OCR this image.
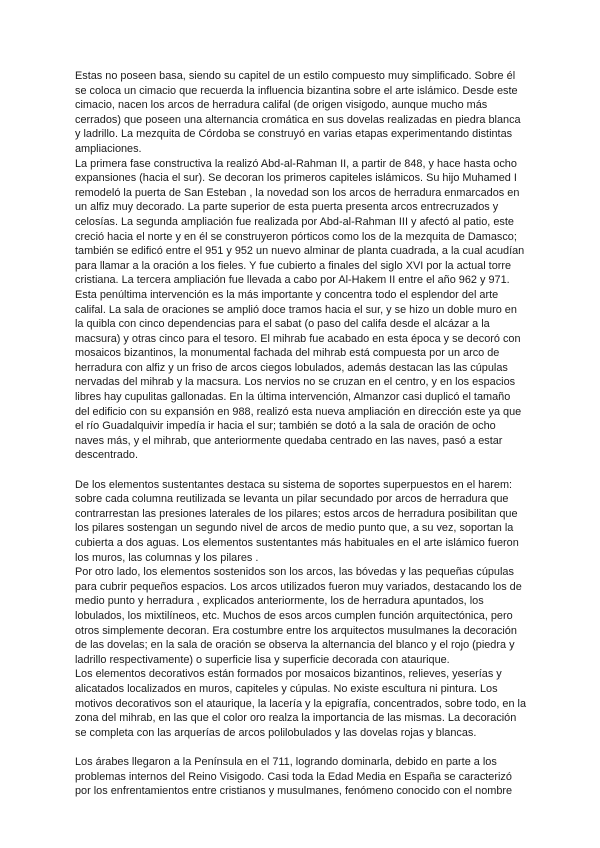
Estas no poseen basa, siendo su capitel de un estilo compuesto muy simplificado. Sobre él se coloca un cimacio que recuerda la influencia bizantina sobre el arte islámico. Desde este cimacio, nacen los arcos de herradura califal (de origen visigodo, aunque mucho más cerrados) que poseen una alternancia cromática en sus dovelas realizadas en piedra blanca y ladrillo. La mezquita de Córdoba se construyó en varias etapas experimentando distintas ampliaciones.

La primera fase constructiva la realizó Abd-al-Rahman II, a partir de 848, y hace hasta ocho expansiones (hacia el sur). Se decoran los primeros capiteles islámicos. Su hijo Muhamed I remodeló la puerta de San Esteban , la novedad son los arcos de herradura enmarcados en un alfiz muy decorado. La parte superior de esta puerta presenta arcos entrecruzados y celosías. La segunda ampliación fue realizada por Abd-al-Rahman III y afectó al patio, este creció hacia el norte y en él se construyeron pórticos como los de la mezquita de Damasco; también se edificó entre el 951 y 952 un nuevo alminar de planta cuadrada, a la cual acudían para llamar a la oración a los fieles. Y fue cubierto a finales del siglo XVI por la actual torre cristiana. La tercera ampliación fue llevada a cabo por Al-Hakem II entre el año 962 y 971. Esta penúltima intervención es la más importante y concentra todo el esplendor del arte califal. La sala de oraciones se amplió doce tramos hacia el sur, y se hizo un doble muro en la quibla con cinco dependencias para el sabat (o paso del califa desde el alcázar a la macsura) y otras cinco para el tesoro. El mihrab fue acabado en esta época y se decoró con mosaicos bizantinos, la monumental fachada del mihrab está compuesta por un arco de herradura con alfiz y un friso de arcos ciegos lobulados, además destacan las las cúpulas nervadas del mihrab y la macsura. Los nervios no se cruzan en el centro, y en los espacios libres hay cupulitas gallonadas. En la última intervención, Almanzor casi duplicó el tamaño del edificio con su expansión en 988, realizó esta nueva ampliación en dirección este ya que el río Guadalquivir impedía ir hacia el sur; también se dotó a la sala de oración de ocho naves más, y el mihrab, que anteriormente quedaba centrado en las naves, pasó a estar descentrado.

De los elementos sustentantes destaca su sistema de soportes superpuestos en el harem: sobre cada columna reutilizada se levanta un pilar secundado por arcos de herradura que contrarrestan las presiones laterales de los pilares; estos arcos de herradura posibilitan que los pilares sostengan un segundo nivel de arcos de medio punto que, a su vez, soportan la cubierta a dos aguas. Los elementos sustentantes más habituales en el arte islámico fueron los muros, las columnas y los pilares .

Por otro lado, los elementos sostenidos son los arcos, las bóvedas y las pequeñas cúpulas para cubrir pequeños espacios. Los arcos utilizados fueron muy variados, destacando los de medio punto y herradura , explicados anteriormente, los de herradura apuntados, los lobulados, los mixtilíneos, etc. Muchos de esos arcos cumplen función arquitectónica, pero otros simplemente decoran. Era costumbre entre los arquitectos musulmanes la decoración de las dovelas; en la sala de oración se observa la alternancia del blanco y el rojo (piedra y ladrillo respectivamente) o superficie lisa y superficie decorada con ataurique.

Los elementos decorativos están formados por mosaicos bizantinos, relieves, yeserías y alicatados localizados en muros, capiteles y cúpulas. No existe escultura ni pintura. Los motivos decorativos son el ataurique, la lacería y la epigrafía, concentrados, sobre todo, en la zona del mihrab, en las que el color oro realza la importancia de las mismas. La decoración se completa con las arquerías de arcos polilobulados y las dovelas rojas y blancas.

Los árabes llegaron a la Península en el 711, logrando dominarla, debido en parte a los problemas internos del Reino Visigodo. Casi toda la Edad Media en España se caracterizó por los enfrentamientos entre cristianos y musulmanes, fenómeno conocido con el nombre
